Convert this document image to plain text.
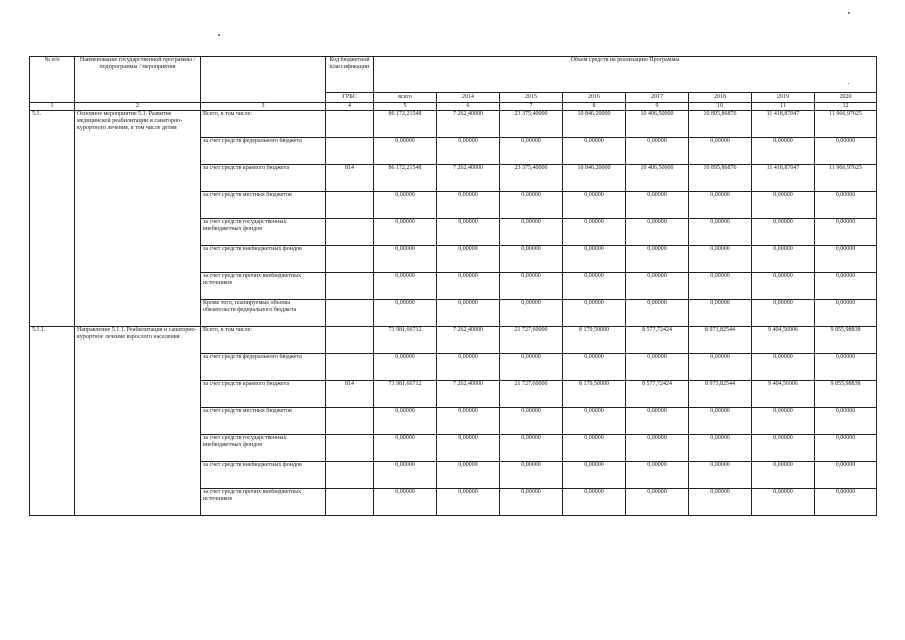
№ п/п	Наименование государственной программы / подпрограммы / мероприятия		Код бюджетной классификации	Объем средств на реализацию Программы							
			ГРБС	всего	2014	2015	2016	2017	2018	2019	2020
1	2	3	4	5	6	7	8	9	10	11	12
5.1.	Основное мероприятие 5.1. Развитие медицинской реабилитации и санаторно-курортного лечения, в том числе детям	Всего, в том числе:		86 172,21548	7 262,40000	23 375,40000	10 846,20000	10 406,50000	10 895,86876	11 418,87047	11 966,97625
		за счет средств федерального бюджета		0,00000	0,00000	0,00000	0,00000	0,00000	0,00000	0,00000	0,00000
		за счет средств краевого бюджета	814	86 172,21548	7 262,40000	23 375,40000	10 846,20000	10 406,50000	10 895,86876	11 418,87047	11 966,97625
		за счет средств местных бюджетов		0,00000	0,00000	0,00000	0,00000	0,00000	0,00000	0,00000	0,00000
		за счет средств государственных внебюджетных фондов		0,00000	0,00000	0,00000	0,00000	0,00000	0,00000	0,00000	0,00000
		за счет средств внебюджетных фондов		0,00000	0,00000	0,00000	0,00000	0,00000	0,00000	0,00000	0,00000
		за счет средств прочих внебюджетных источников		0,00000	0,00000	0,00000	0,00000	0,00000	0,00000	0,00000	0,00000
		Кроме того, планируемые объемы обязательств федерального бюджета		0,00000	0,00000	0,00000	0,00000	0,00000	0,00000	0,00000	0,00000
5.1.1.	Направление 5.1.1. Реабилитация и санаторно-курортное лечение взрослого населения	Всего, в том числе:		73 981,66712	7 262,40000	21 727,60000	8 179,50000	8 577,72424	8 973,82544	9 404,56906	9 855,98838
		за счет средств федерального бюджета		0,00000	0,00000	0,00000	0,00000	0,00000	0,00000	0,00000	0,00000
		за счет средств краевого бюджета	814	73 981,66712	7 262,40000	21 727,60000	8 179,50000	8 577,72424	8 973,82544	9 404,56906	9 855,98838
		за счет средств местных бюджетов		0,00000	0,00000	0,00000	0,00000	0,00000	0,00000	0,00000	0,00000
		за счет средств государственных внебюджетных фондов		0,00000	0,00000	0,00000	0,00000	0,00000	0,00000	0,00000	0,00000
		за счет средств внебюджетных фондов		0,00000	0,00000	0,00000	0,00000	0,00000	0,00000	0,00000	0,00000
		за счет средств прочих внебюджетных источников		0,00000	0,00000	0,00000	0,00000	0,00000	0,00000	0,00000	0,00000
